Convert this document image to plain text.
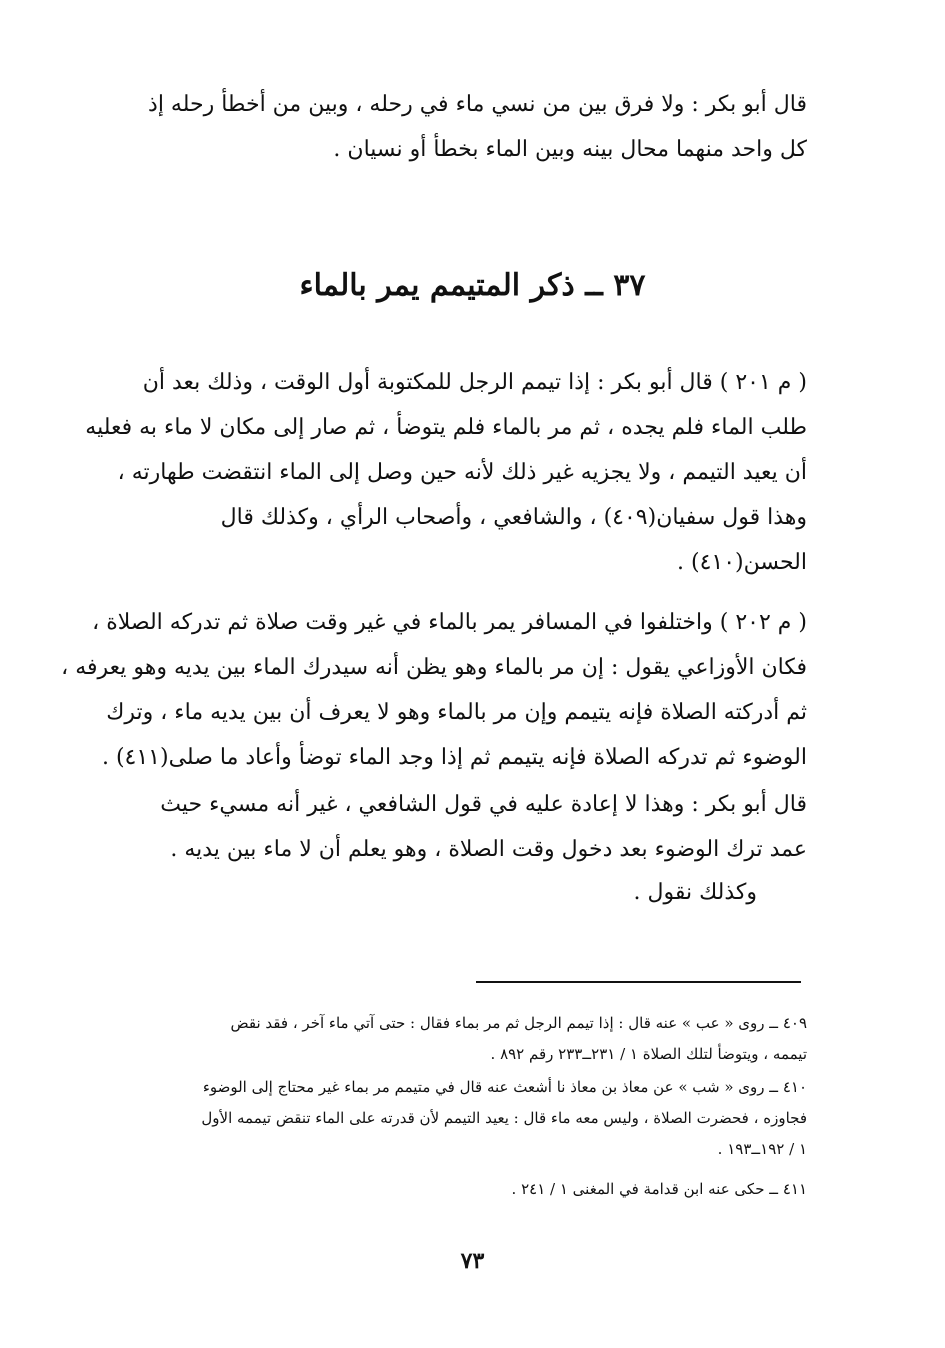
قال أبو بكر : ولا فرق بين من نسي ماء في رحله ، وبين من أخطأ رحله إذ
كل واحد منهما محال بينه وبين الماء بخطأ أو نسيان .

٣٧ ــ ذكر المتيمم يمر بالماء

( م ٢٠١ ) قال أبو بكر : إذا تيمم الرجل للمكتوبة أول الوقت ، وذلك بعد أن
طلب الماء فلم يجده ، ثم مر بالماء فلم يتوضأ ، ثم صار إلى مكان لا ماء به فعليه
أن يعيد التيمم ، ولا يجزيه غير ذلك لأنه حين وصل إلى الماء انتقضت طهارته ،
وهذا قول سفيان(٤٠٩) ، والشافعي ، وأصحاب الرأي ، وكذلك قال
الحسن(٤١٠) .

( م ٢٠٢ ) واختلفوا في المسافر يمر بالماء في غير وقت صلاة ثم تدركه الصلاة ،
فكان الأوزاعي يقول : إن مر بالماء وهو يظن أنه سيدرك الماء بين يديه وهو يعرفه ،
ثم أدركته الصلاة فإنه يتيمم وإن مر بالماء وهو لا يعرف أن بين يديه ماء ، وترك
الوضوء ثم تدركه الصلاة فإنه يتيمم ثم إذا وجد الماء توضأ وأعاد ما صلى(٤١١) .

قال أبو بكر : وهذا لا إعادة عليه في قول الشافعي ، غير أنه مسيء حيث
عمد ترك الوضوء بعد دخول وقت الصلاة ، وهو يعلم أن لا ماء بين يديه .

وكذلك نقول .

٤٠٩ ــ روى « عب » عنه قال : إذا تيمم الرجل ثم مر بماء فقال : حتى آتي ماء آخر ، فقد نقض
تيممه ، ويتوضأ لتلك الصلاة ١ / ٢٣١ــ٢٣٣ رقم ٨٩٢ .

٤١٠ ــ روى « شب » عن معاذ بن معاذ نا أشعث عنه قال في متيمم مر بماء غير محتاج إلى الوضوء
فجاوزه ، فحضرت الصلاة ، وليس معه ماء قال : يعيد التيمم لأن قدرته على الماء تنقض تيممه الأول
١ / ١٩٢ــ١٩٣ .

٤١١ ــ حكى عنه ابن قدامة في المغنى ١ / ٢٤١ .

٧٣
